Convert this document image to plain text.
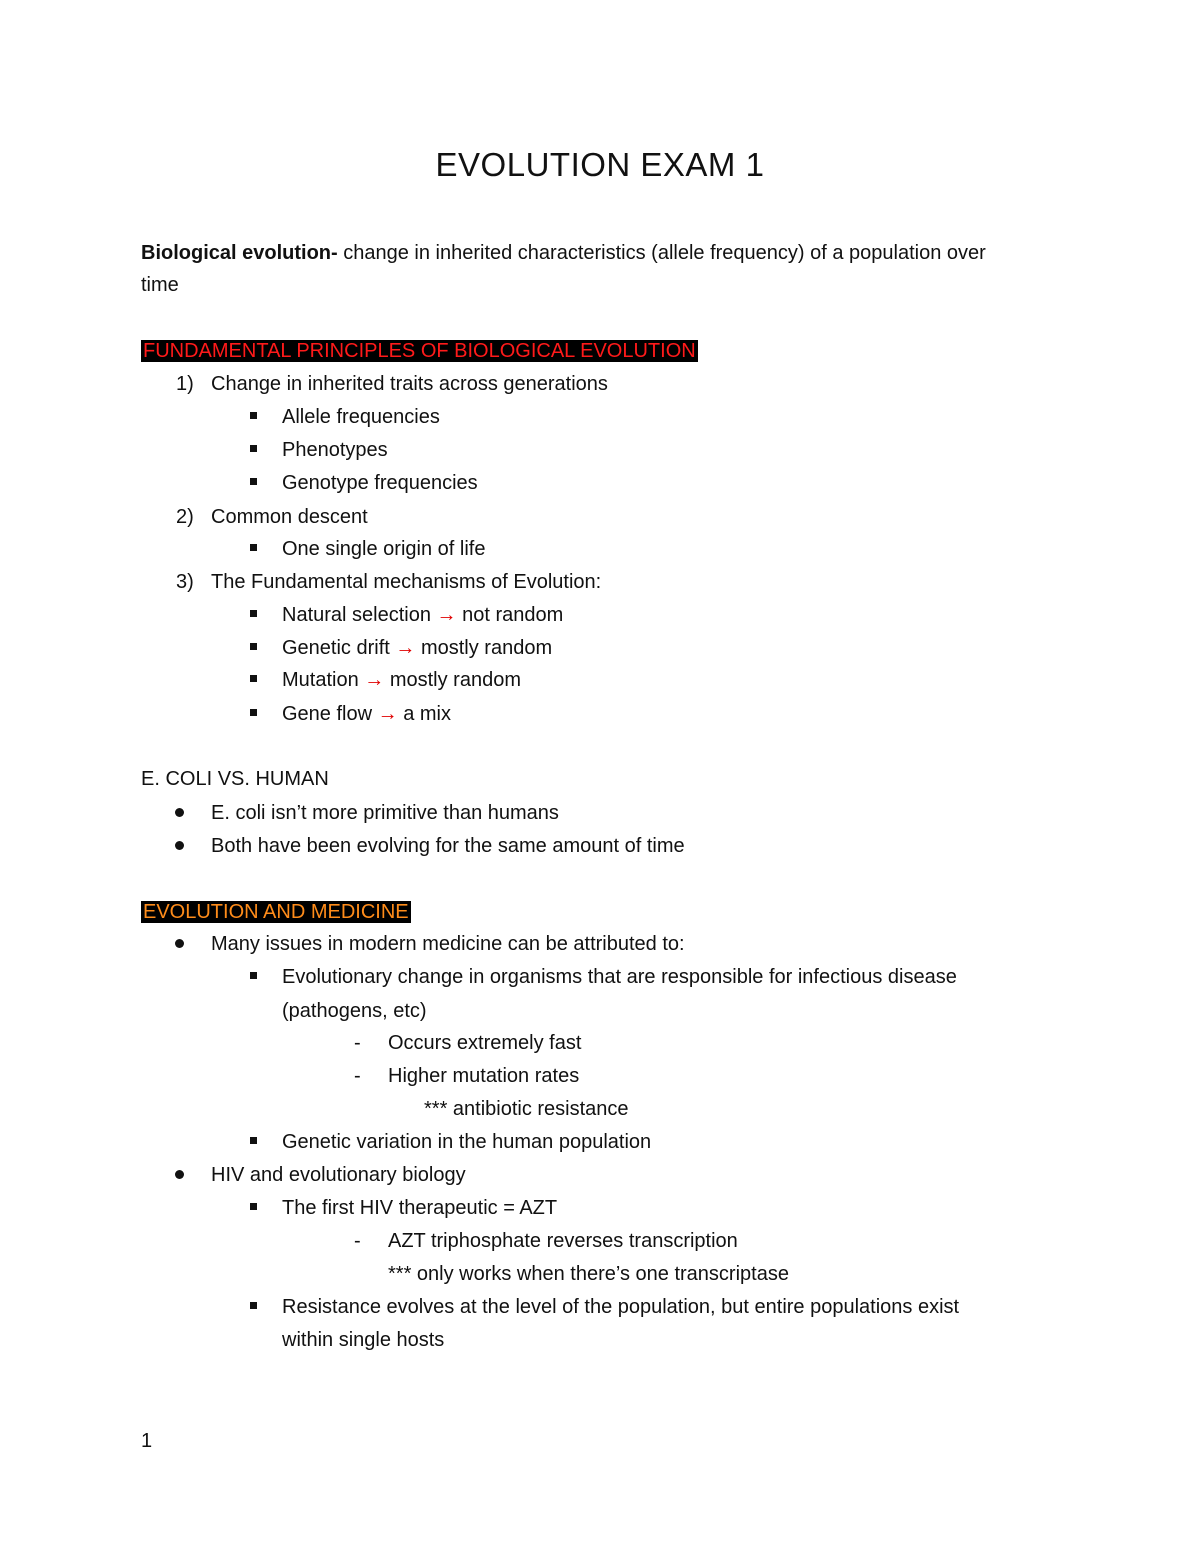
EVOLUTION EXAM 1
Biological evolution- change in inherited characteristics (allele frequency) of a population over
time
FUNDAMENTAL PRINCIPLES OF BIOLOGICAL EVOLUTION
1) Change in inherited traits across generations
Allele frequencies
Phenotypes
Genotype frequencies
2) Common descent
One single origin of life
3) The Fundamental mechanisms of Evolution:
Natural selection → not random
Genetic drift → mostly random
Mutation → mostly random
Gene flow → a mix
E. COLI VS. HUMAN
E. coli isn’t more primitive than humans
Both have been evolving for the same amount of time
EVOLUTION AND MEDICINE
Many issues in modern medicine can be attributed to:
Evolutionary change in organisms that are responsible for infectious disease
(pathogens, etc)
- Occurs extremely fast
- Higher mutation rates
*** antibiotic resistance
Genetic variation in the human population
HIV and evolutionary biology
The first HIV therapeutic = AZT
- AZT triphosphate reverses transcription
*** only works when there’s one transcriptase
Resistance evolves at the level of the population, but entire populations exist
within single hosts
1
